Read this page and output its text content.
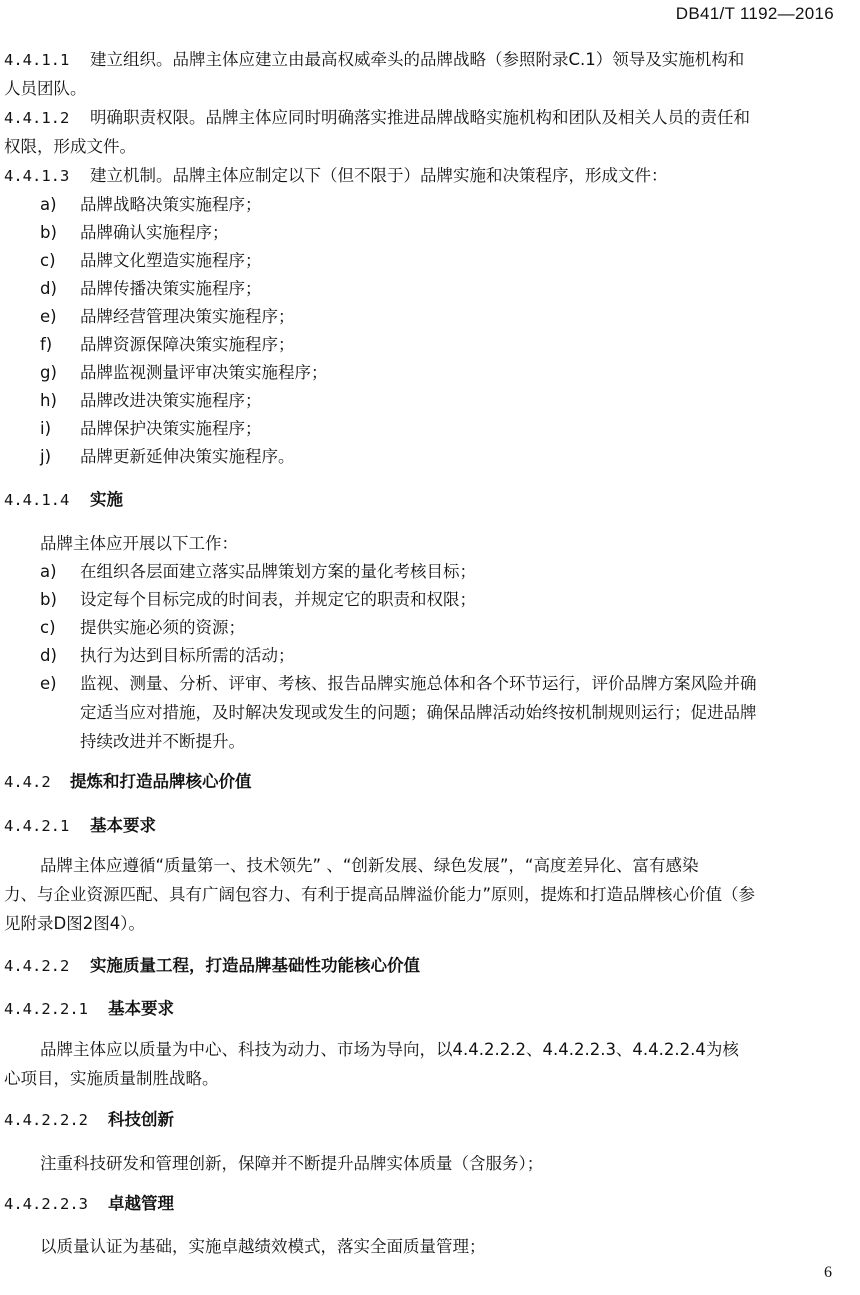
DB41/T 1192—2016
4.4.1.1 建立组织。品牌主体应建立由最高权威牵头的品牌战略（参照附录C.1）领导及实施机构和
人员团队。
4.4.1.2 明确职责权限。品牌主体应同时明确落实推进品牌战略实施机构和团队及相关人员的责任和
权限，形成文件。
4.4.1.3 建立机制。品牌主体应制定以下（但不限于）品牌实施和决策程序，形成文件：
a) 品牌战略决策实施程序；
b) 品牌确认实施程序；
c) 品牌文化塑造实施程序；
d) 品牌传播决策实施程序；
e) 品牌经营管理决策实施程序；
f) 品牌资源保障决策实施程序；
g) 品牌监视测量评审决策实施程序；
h) 品牌改进决策实施程序；
i) 品牌保护决策实施程序；
j) 品牌更新延伸决策实施程序。
4.4.1.4 实施
品牌主体应开展以下工作：
a) 在组织各层面建立落实品牌策划方案的量化考核目标；
b) 设定每个目标完成的时间表，并规定它的职责和权限；
c) 提供实施必须的资源；
d) 执行为达到目标所需的活动；
e) 监视、测量、分析、评审、考核、报告品牌实施总体和各个环节运行，评价品牌方案风险并确
定适当应对措施，及时解决发现或发生的问题；确保品牌活动始终按机制规则运行；促进品牌
持续改进并不断提升。
4.4.2 提炼和打造品牌核心价值
4.4.2.1 基本要求
品牌主体应遵循“质量第一、技术领先” 、“创新发展、绿色发展”，“高度差异化、富有感染
力、与企业资源匹配、具有广阔包容力、有利于提高品牌溢价能力”原则，提炼和打造品牌核心价值（参
见附录D图2图4）。
4.4.2.2 实施质量工程，打造品牌基础性功能核心价值
4.4.2.2.1 基本要求
品牌主体应以质量为中心、科技为动力、市场为导向，以4.4.2.2.2、4.4.2.2.3、4.4.2.2.4为核
心项目，实施质量制胜战略。
4.4.2.2.2 科技创新
注重科技研发和管理创新，保障并不断提升品牌实体质量（含服务）；
4.4.2.2.3 卓越管理
以质量认证为基础，实施卓越绩效模式，落实全面质量管理；
6
